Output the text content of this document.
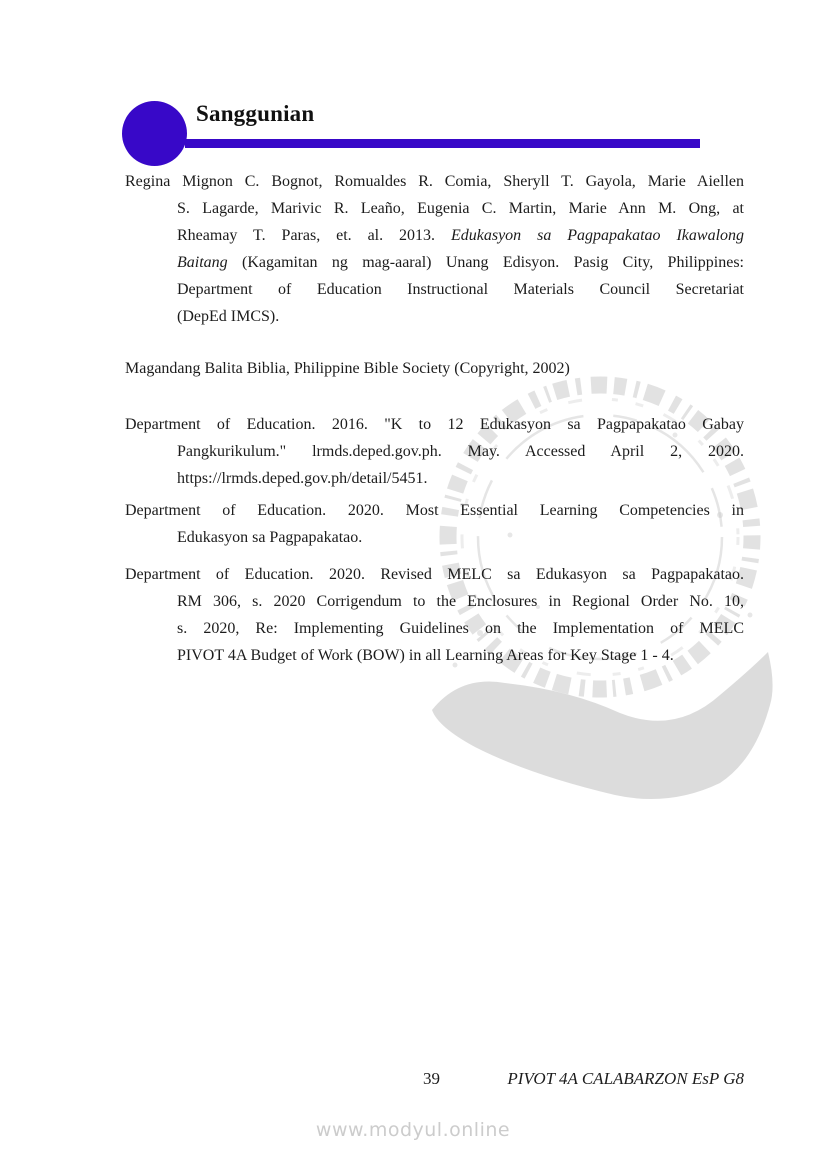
Sanggunian
Regina Mignon C. Bognot, Romualdes R. Comia, Sheryll T. Gayola, Marie Aiellen
S. Lagarde, Marivic R. Leaño, Eugenia C. Martin, Marie Ann M. Ong, at
Rheamay T. Paras, et. al. 2013. Edukasyon sa Pagpapakatao Ikawalong
Baitang (Kagamitan ng mag-aaral) Unang Edisyon. Pasig City, Philippines:
Department of Education Instructional Materials Council Secretariat
(DepEd IMCS).
Magandang Balita Biblia, Philippine Bible Society (Copyright, 2002)
Department of Education. 2016. "K to 12 Edukasyon sa Pagpapakatao Gabay
Pangkurikulum." lrmds.deped.gov.ph. May. Accessed April 2, 2020.
https://lrmds.deped.gov.ph/detail/5451.
Department of Education. 2020. Most Essential Learning Competencies in
Edukasyon sa Pagpapakatao.
Department of Education. 2020. Revised MELC sa Edukasyon sa Pagpapakatao.
RM 306, s. 2020 Corrigendum to the Enclosures in Regional Order No. 10,
s. 2020, Re: Implementing Guidelines on the Implementation of MELC
PIVOT 4A Budget of Work (BOW) in all Learning Areas for Key Stage 1 - 4.
39	PIVOT 4A CALABARZON EsP G8
www.modyul.online
